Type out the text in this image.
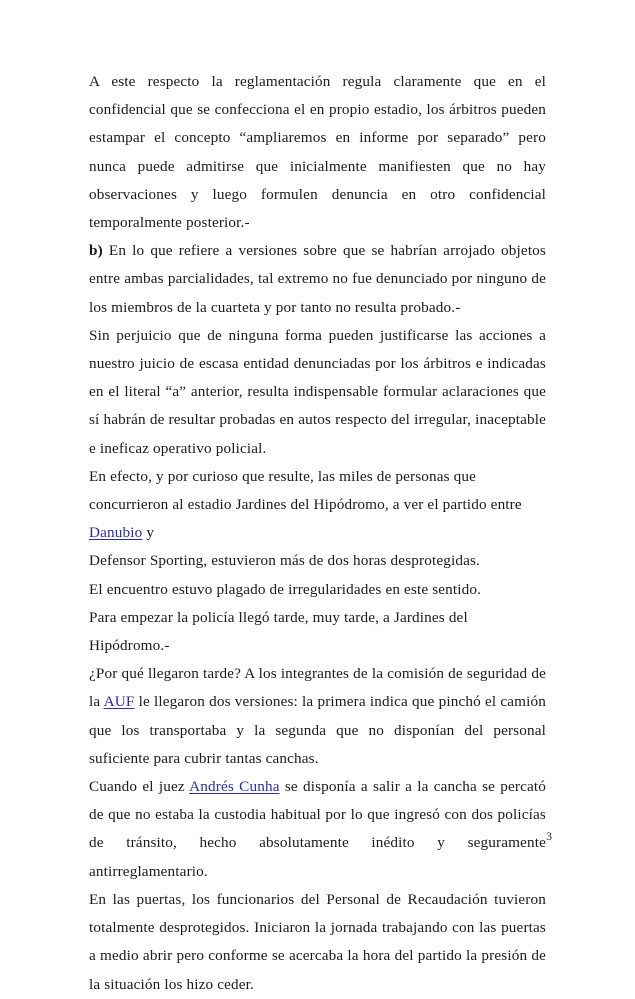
A este respecto la reglamentación regula claramente que en el confidencial que se confecciona el en propio estadio, los árbitros pueden estampar el concepto “ampliaremos en informe por separado” pero nunca puede admitirse que inicialmente manifiesten que no hay observaciones y luego formulen denuncia en otro confidencial temporalmente posterior.-

b) En lo que refiere a versiones sobre que se habrían arrojado objetos entre ambas parcialidades, tal extremo no fue denunciado por ninguno de los miembros de la cuarteta y por tanto no resulta probado.-

Sin perjuicio que de ninguna forma pueden justificarse las acciones a nuestro juicio de escasa entidad denunciadas por los árbitros e indicadas en el literal “a” anterior, resulta indispensable formular aclaraciones que sí habrán de resultar probadas en autos respecto del irregular, inaceptable e ineficaz operativo policial.

En efecto, y por curioso que resulte, las miles de personas que concurrieron al estadio Jardines del Hipódromo, a ver el partido entre Danubio y

Defensor Sporting, estuvieron más de dos horas desprotegidas.

El encuentro estuvo plagado de irregularidades en este sentido.

Para empezar la policía llegó tarde, muy tarde, a Jardines del Hipódromo.-

¿Por qué llegaron tarde? A los integrantes de la comisión de seguridad de la AUF le llegaron dos versiones: la primera indica que pinchó el camión que los transportaba y la segunda que no disponían del personal suficiente para cubrir tantas canchas.

Cuando el juez Andrés Cunha se disponía a salir a la cancha se percató de que no estaba la custodia habitual por lo que ingresó con dos policías de tránsito, hecho absolutamente inédito y seguramente antirreglamentario.

En las puertas, los funcionarios del Personal de Recaudación tuvieron totalmente desprotegidos. Iniciaron la jornada trabajando con las puertas a medio abrir pero conforme se acercaba la hora del partido la presión de la situación los hizo ceder.

3
